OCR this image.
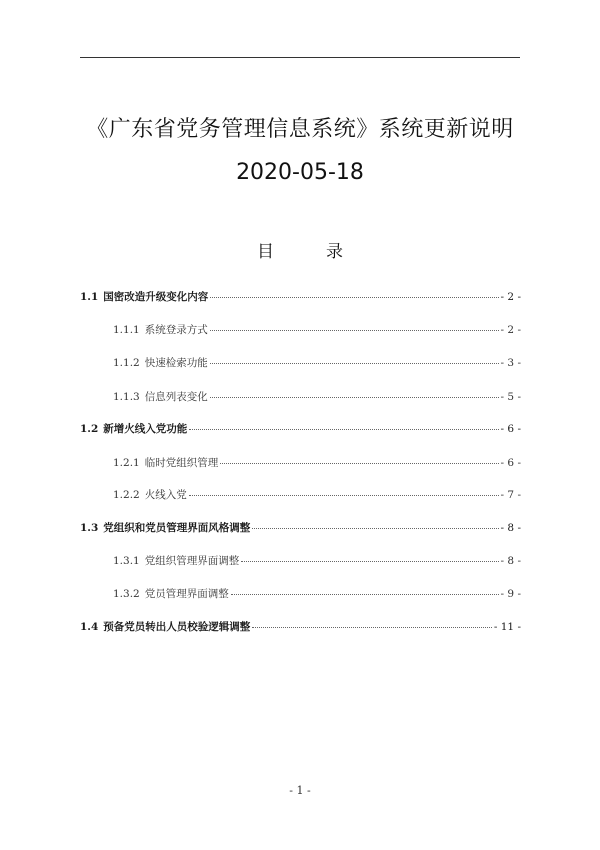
《广东省党务管理信息系统》系统更新说明
2020-05-18
目	录
1.1 国密改造升级变化内容	- 2 -
1.1.1 系统登录方式	- 2 -
1.1.2 快速检索功能	- 3 -
1.1.3 信息列表变化	- 5 -
1.2 新增火线入党功能	- 6 -
1.2.1 临时党组织管理	- 6 -
1.2.2 火线入党	- 7 -
1.3 党组织和党员管理界面风格调整	- 8 -
1.3.1 党组织管理界面调整	- 8 -
1.3.2 党员管理界面调整	- 9 -
1.4 预备党员转出人员校验逻辑调整	- 11 -
- 1 -
